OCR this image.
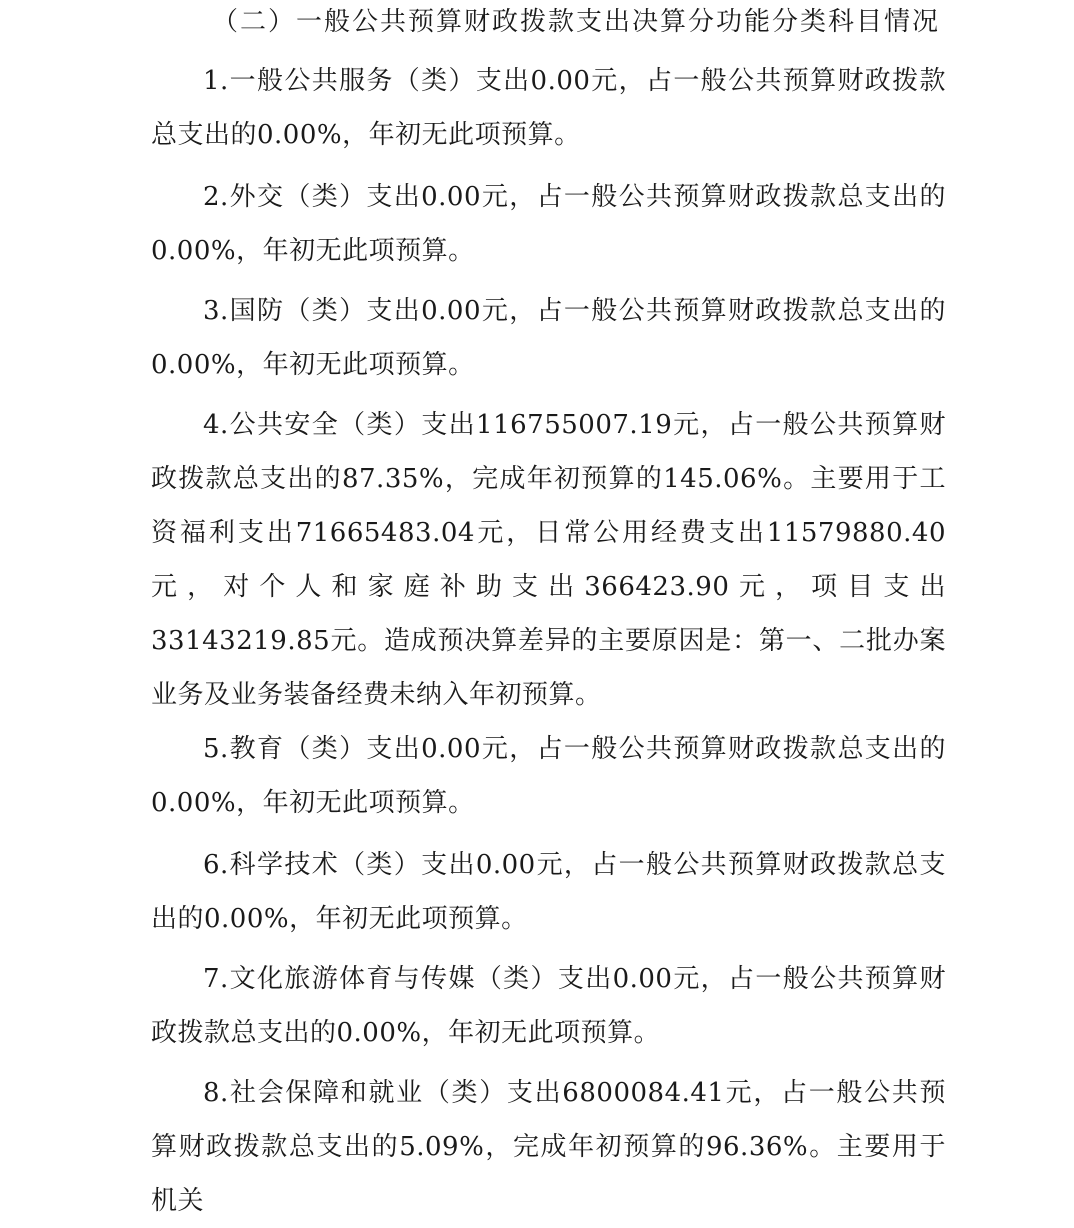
（二）一般公共预算财政拨款支出决算分功能分类科目情况

1.一般公共服务（类）支出0.00元，占一般公共预算财政拨款总支出的0.00%，年初无此项预算。

2.外交（类）支出0.00元，占一般公共预算财政拨款总支出的0.00%，年初无此项预算。

3.国防（类）支出0.00元，占一般公共预算财政拨款总支出的0.00%，年初无此项预算。

4.公共安全（类）支出116755007.19元，占一般公共预算财政拨款总支出的87.35%，完成年初预算的145.06%。主要用于工资福利支出71665483.04元，日常公用经费支出11579880.40元，对个人和家庭补助支出366423.90元，项目支出33143219.85元。造成预决算差异的主要原因是：第一、二批办案业务及业务装备经费未纳入年初预算。

5.教育（类）支出0.00元，占一般公共预算财政拨款总支出的0.00%，年初无此项预算。

6.科学技术（类）支出0.00元，占一般公共预算财政拨款总支出的0.00%，年初无此项预算。

7.文化旅游体育与传媒（类）支出0.00元，占一般公共预算财政拨款总支出的0.00%，年初无此项预算。

8.社会保障和就业（类）支出6800084.41元，占一般公共预算财政拨款总支出的5.09%，完成年初预算的96.36%。主要用于机关
